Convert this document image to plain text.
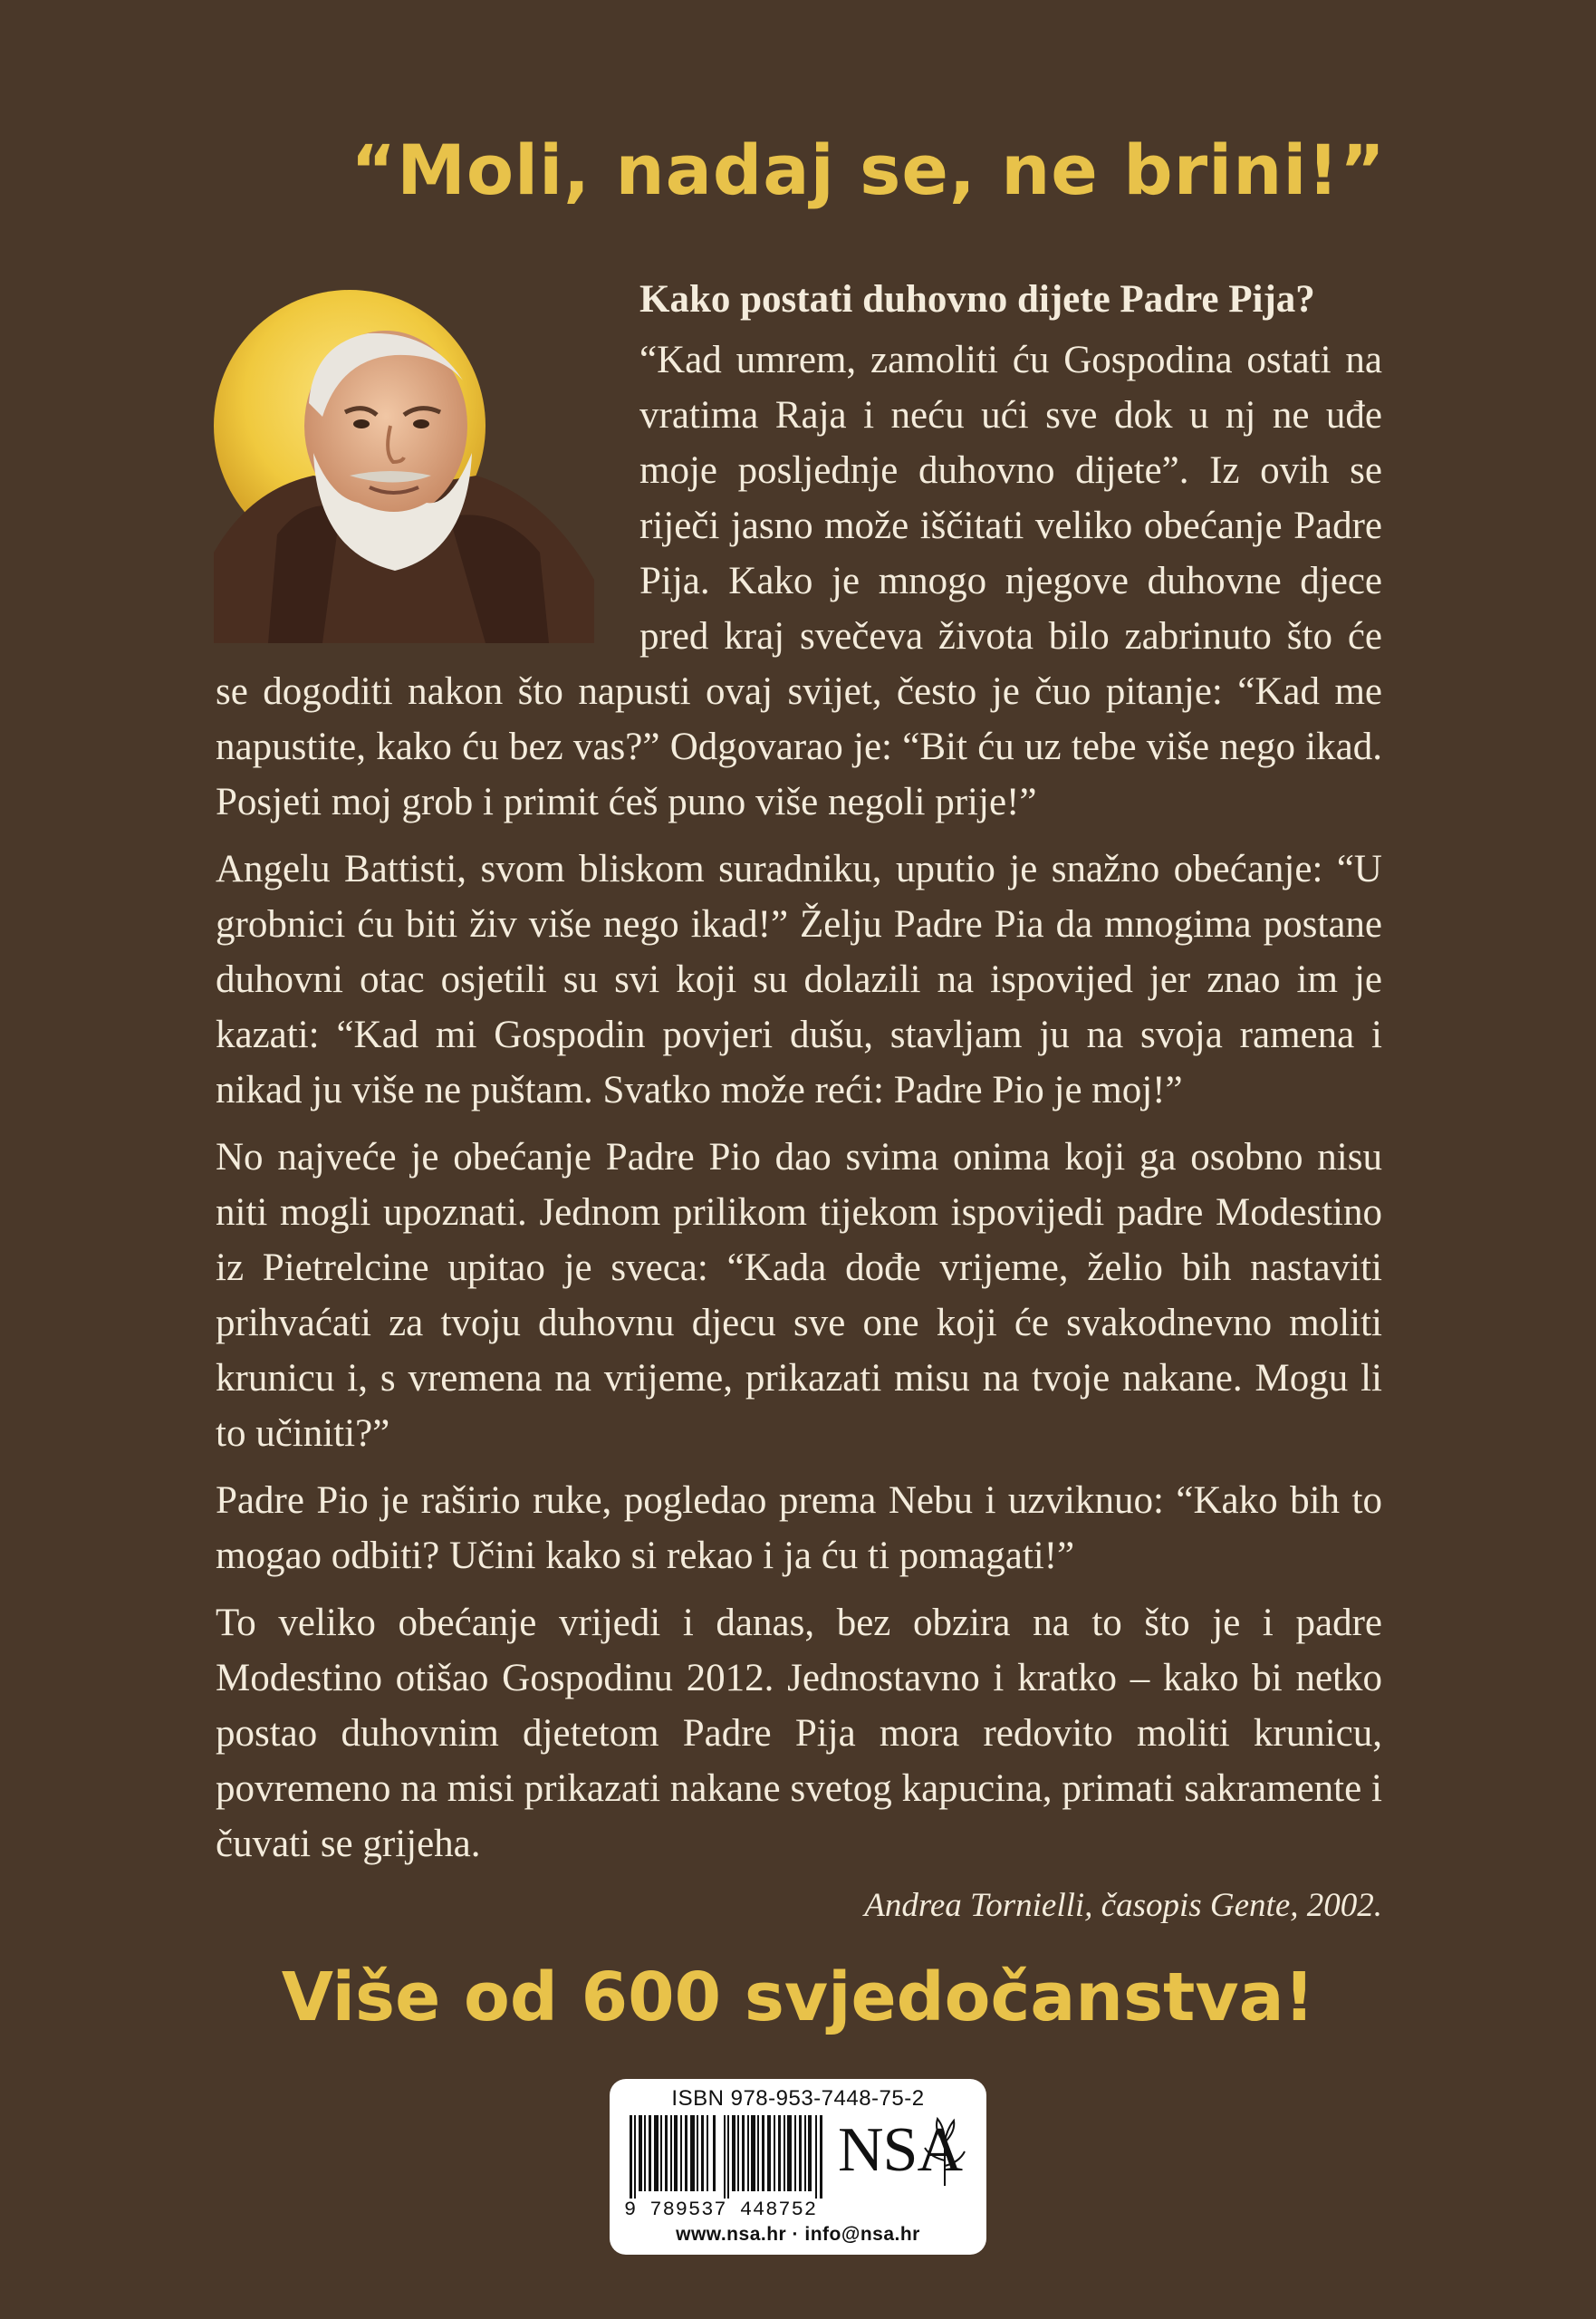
“Moli, nadaj se, ne brini!”
Kako postati duhovno dijete Padre Pija?

“Kad umrem, zamoliti ću Gospodina ostati na vratima Raja i neću ući sve dok u nj ne uđe moje posljednje duhovno dijete”. Iz ovih se riječi jasno može iščitati veliko obećanje Padre Pija. Kako je mnogo njegove duhovne djece pred kraj svečeva života bilo zabrinuto što će se dogoditi nakon što napusti ovaj svijet, često je čuo pitanje: “Kad me napustite, kako ću bez vas?” Odgovarao je: “Bit ću uz tebe više nego ikad. Posjeti moj grob i primit ćeš puno više negoli prije!”

Angelu Battisti, svom bliskom suradniku, uputio je snažno obećanje: “U grobnici ću biti živ više nego ikad!” Želju Padre Pia da mnogima postane duhovni otac osjetili su svi koji su dolazili na ispovijed jer znao im je kazati: “Kad mi Gospodin povjeri dušu, stavljam ju na svoja ramena i nikad ju više ne puštam. Svatko može reći: Padre Pio je moj!”

No najveće je obećanje Padre Pio dao svima onima koji ga osobno nisu niti mogli upoznati. Jednom prilikom tijekom ispovijedi padre Modestino iz Pietrelcine upitao je sveca: “Kada dođe vrijeme, želio bih nastaviti prihvaćati za tvoju duhovnu djecu sve one koji će svakodnevno moliti krunicu i, s vremena na vrijeme, prikazati misu na tvoje nakane. Mogu li to učiniti?”

Padre Pio je raširio ruke, pogledao prema Nebu i uzviknuo: “Kako bih to mogao odbiti? Učini kako si rekao i ja ću ti pomagati!”

To veliko obećanje vrijedi i danas, bez obzira na to što je i padre Modestino otišao Gospodinu 2012. Jednostavno i kratko – kako bi netko postao duhovnim djetetom Padre Pija mora redovito moliti krunicu, povremeno na misi prikazati nakane svetog kapucina, primati sakramente i čuvati se grijeha.

Andrea Tornielli, časopis Gente, 2002.
Više od 600 svjedočanstva!
ISBN 978-953-7448-75-2
9 789537 448752
NSA
www.nsa.hr · info@nsa.hr
